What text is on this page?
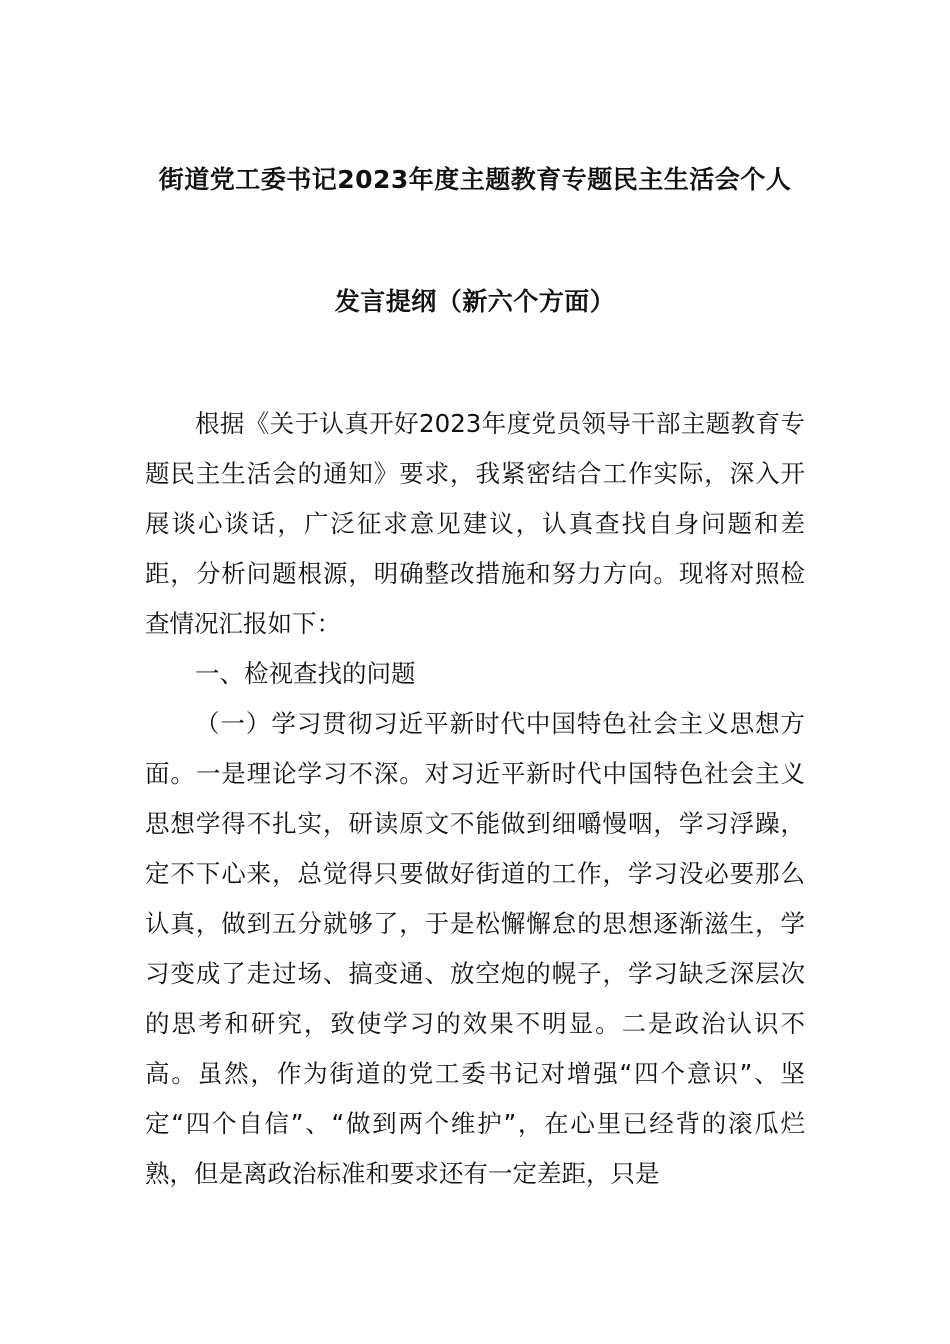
街道党工委书记2023年度主题教育专题民主生活会个人
发言提纲（新六个方面）

根据《关于认真开好2023年度党员领导干部主题教育专题民主生活会的通知》要求，我紧密结合工作实际，深入开展谈心谈话，广泛征求意见建议，认真查找自身问题和差距，分析问题根源，明确整改措施和努力方向。现将对照检查情况汇报如下：

一、检视查找的问题

（一）学习贯彻习近平新时代中国特色社会主义思想方面。一是理论学习不深。对习近平新时代中国特色社会主义思想学得不扎实，研读原文不能做到细嚼慢咽，学习浮躁，定不下心来，总觉得只要做好街道的工作，学习没必要那么认真，做到五分就够了，于是松懈懈怠的思想逐渐滋生，学习变成了走过场、搞变通、放空炮的幌子，学习缺乏深层次的思考和研究，致使学习的效果不明显。二是政治认识不高。虽然，作为街道的党工委书记对增强“四个意识”、坚定“四个自信”、“做到两个维护”，在心里已经背的滚瓜烂熟，但是离政治标准和要求还有一定差距，只是
